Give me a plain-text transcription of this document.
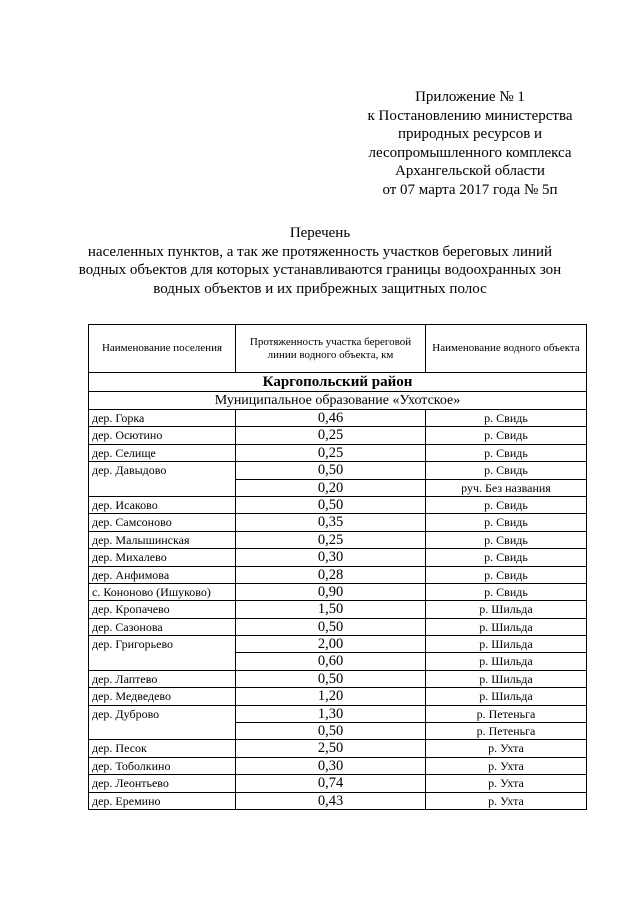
Приложение № 1
к Постановлению министерства
природных ресурсов и
лесопромышленного комплекса
Архангельской области
от 07 марта 2017 года № 5п
Перечень
населенных пунктов, а так же протяженность участков береговых линий
водных объектов для которых устанавливаются границы водоохранных зон
водных объектов и их прибрежных защитных полос
Наименование поселения	Протяженность участка береговой линии водного объекта, км	Наименование водного объекта
Каргопольский район		
Муниципальное образование «Ухотское»		
дер. Горка	0,46	р. Свидь
дер. Осютино	0,25	р. Свидь
дер. Селище	0,25	р. Свидь
дер. Давыдово	0,50	р. Свидь
	0,20	руч. Без названия
дер. Исаково	0,50	р. Свидь
дер. Самсоново	0,35	р. Свидь
дер. Малышинская	0,25	р. Свидь
дер. Михалево	0,30	р. Свидь
дер. Анфимова	0,28	р. Свидь
с. Кононово (Ишуково)	0,90	р. Свидь
дер. Кропачево	1,50	р. Шильда
дер. Сазонова	0,50	р. Шильда
дер. Григорьево	2,00	р. Шильда
	0,60	р. Шильда
дер. Лаптево	0,50	р. Шильда
дер. Медведево	1,20	р. Шильда
дер. Дуброво	1,30	р. Петеньга
	0,50	р. Петеньга
дер. Песок	2,50	р. Ухта
дер. Тоболкино	0,30	р. Ухта
дер. Леонтьево	0,74	р. Ухта
дер. Еремино	0,43	р. Ухта
